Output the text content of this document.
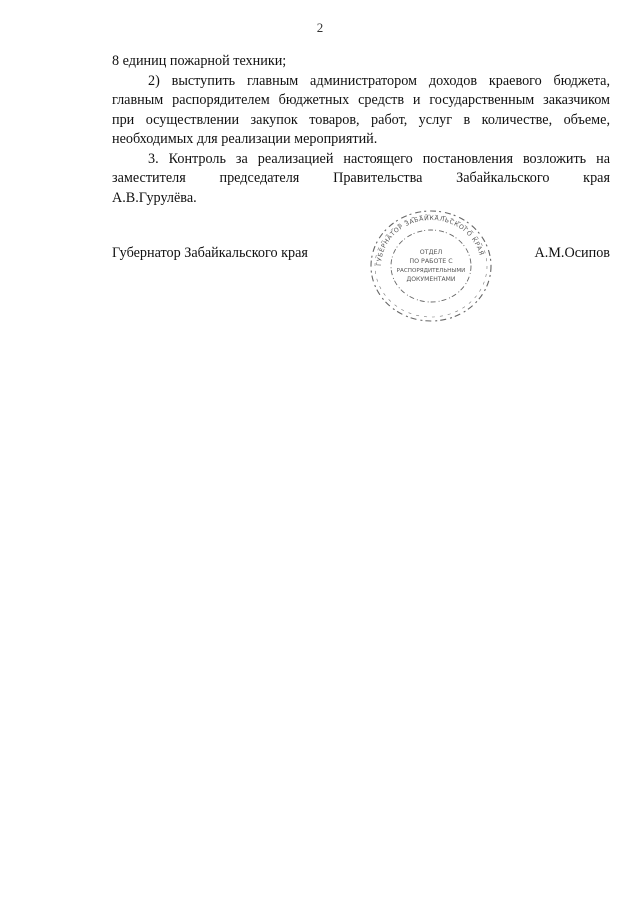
2
8 единиц пожарной техники;
2) выступить главным администратором доходов краевого бюджета,
главным распорядителем бюджетных средств и государственным заказчиком
при осуществлении закупок товаров, работ, услуг в количестве, объеме,
необходимых для реализации мероприятий.
3. Контроль за реализацией настоящего постановления возложить на
заместителя председателя Правительства Забайкальского края
А.В.Гурулёва.
Губернатор Забайкальского края	А.М.Осипов
ГУБЕРНАТОР ЗАБАЙКАЛЬСКОГО КРАЯ
ОТДЕЛ
ПО РАБОТЕ С
РАСПОРЯДИТЕЛЬНЫМИ
ДОКУМЕНТАМИ
